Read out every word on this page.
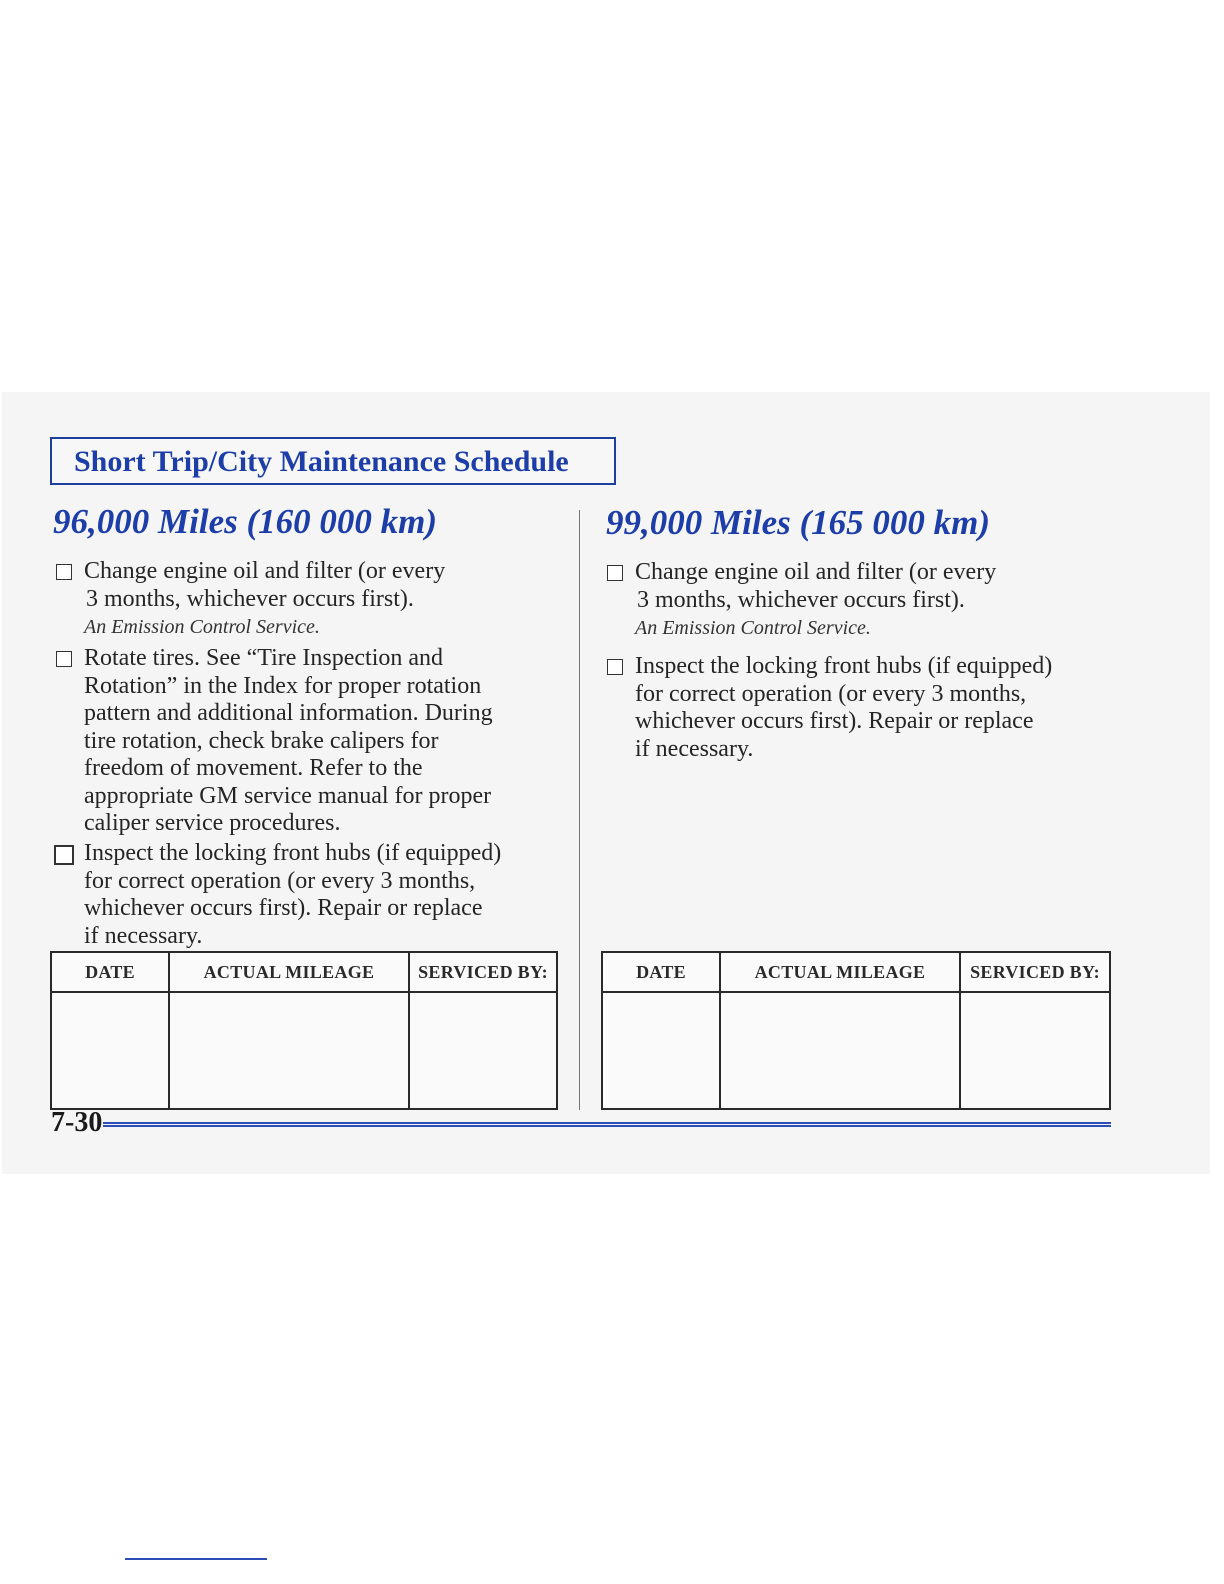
Short Trip/City Maintenance Schedule
96,000 Miles (160 000 km)
Change engine oil and filter (or every
3 months, whichever occurs first).
An Emission Control Service.
Rotate tires. See “Tire Inspection and
Rotation” in the Index for proper rotation
pattern and additional information. During
tire rotation, check brake calipers for
freedom of movement. Refer to the
appropriate GM service manual for proper
caliper service procedures.
Inspect the locking front hubs (if equipped)
for correct operation (or every 3 months,
whichever occurs first). Repair or replace
if necessary.
DATE	ACTUAL MILEAGE	SERVICED BY:

99,000 Miles (165 000 km)
Change engine oil and filter (or every
3 months, whichever occurs first).
An Emission Control Service.
Inspect the locking front hubs (if equipped)
for correct operation (or every 3 months,
whichever occurs first). Repair or replace
if necessary.
DATE	ACTUAL MILEAGE	SERVICED BY:

7-30
